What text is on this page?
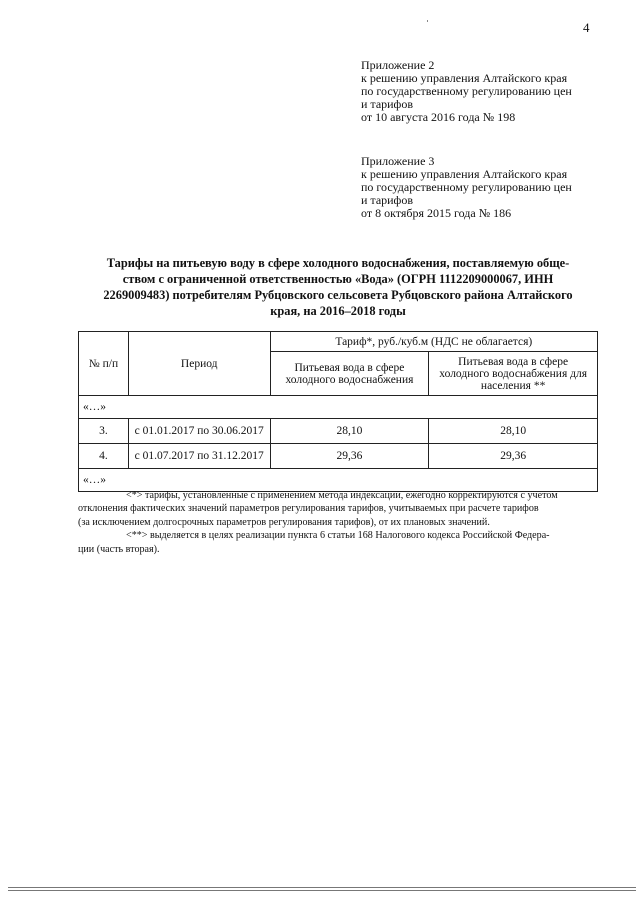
4
Приложение 2
к решению управления Алтайского края
по государственному регулированию цен
и тарифов
от 10 августа 2016 года № 198
Приложение 3
к решению управления Алтайского края
по государственному регулированию цен
и тарифов
от 8 октября 2015 года № 186
Тарифы на питьевую воду в сфере холодного водоснабжения, поставляемую обще-
ством с ограниченной ответственностью «Вода» (ОГРН 1112209000067, ИНН
2269009483) потребителям Рубцовского сельсовета Рубцовского района Алтайского
края, на 2016–2018 годы
№ п/п	Период	Тариф*, руб./куб.м (НДС не облагается)	
		Питьевая вода в сфере холодного водоснабжения	Питьевая вода в сфере холодного водоснабжения для населения **
«…»			
3.	с 01.01.2017 по 30.06.2017	28,10	28,10
4.	с 01.07.2017 по 31.12.2017	29,36	29,36
«…»			
<*> тарифы, установленные с применением метода индексации, ежегодно корректируются с учетом
отклонения фактических значений параметров регулирования тарифов, учитываемых при расчете тарифов
(за исключением долгосрочных параметров регулирования тарифов), от их плановых значений.
<**> выделяется в целях реализации пункта 6 статьи 168 Налогового кодекса Российской Федера-
ции (часть вторая).
